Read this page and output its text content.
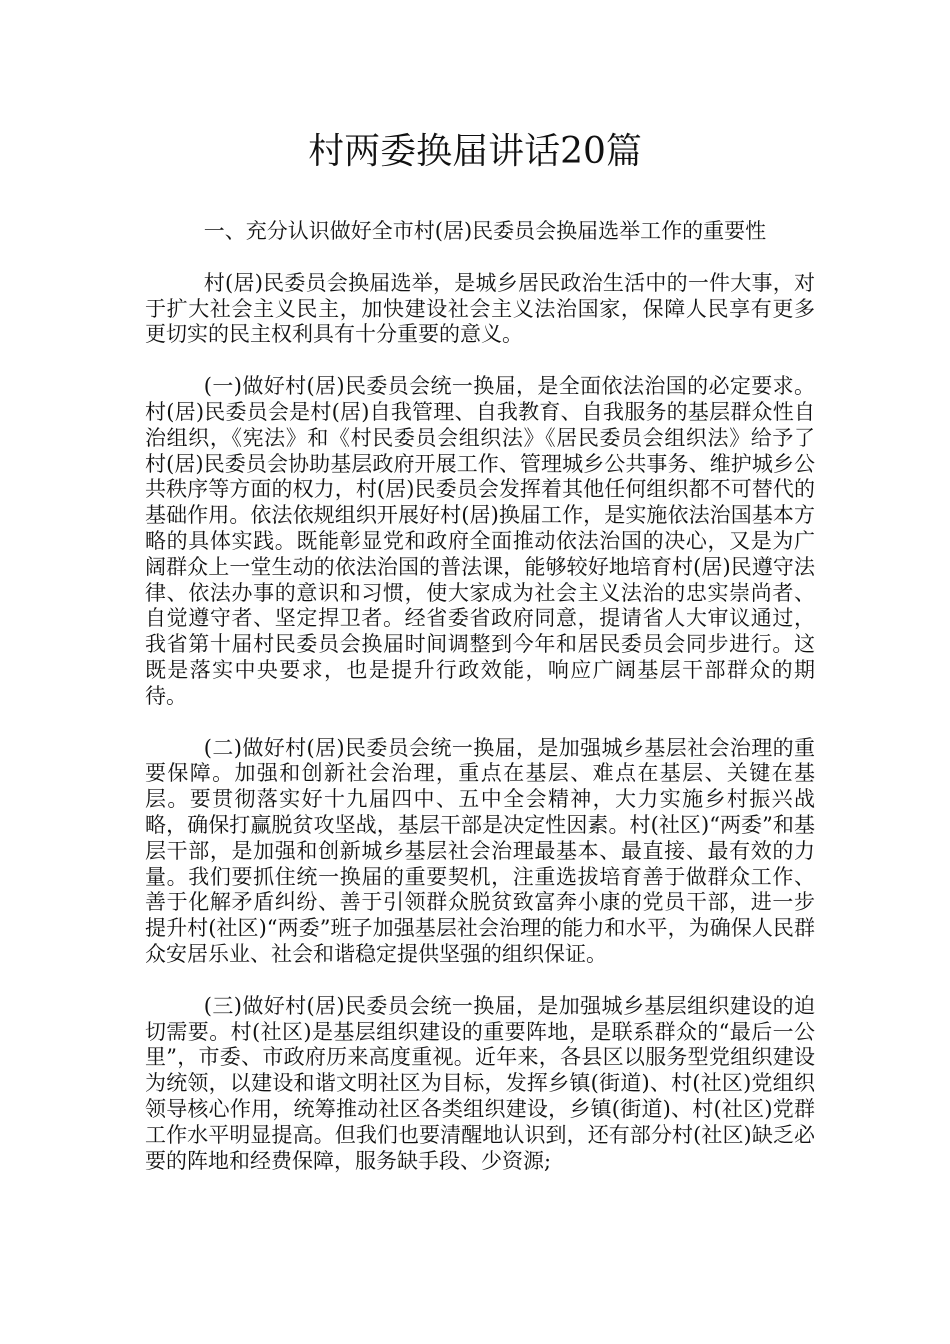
村两委换届讲话20篇

一、充分认识做好全市村(居)民委员会换届选举工作的重要性

村(居)民委员会换届选举，是城乡居民政治生活中的一件大事，对于扩大社会主义民主，加快建设社会主义法治国家，保障人民享有更多更切实的民主权利具有十分重要的意义。

(一)做好村(居)民委员会统一换届，是全面依法治国的必定要求。村(居)民委员会是村(居)自我管理、自我教育、自我服务的基层群众性自治组织，《宪法》和《村民委员会组织法》《居民委员会组织法》给予了村(居)民委员会协助基层政府开展工作、管理城乡公共事务、维护城乡公共秩序等方面的权力，村(居)民委员会发挥着其他任何组织都不可替代的基础作用。依法依规组织开展好村(居)换届工作，是实施依法治国基本方略的具体实践。既能彰显党和政府全面推动依法治国的决心，又是为广阔群众上一堂生动的依法治国的普法课，能够较好地培育村(居)民遵守法律、依法办事的意识和习惯，使大家成为社会主义法治的忠实崇尚者、自觉遵守者、坚定捍卫者。经省委省政府同意，提请省人大审议通过，我省第十届村民委员会换届时间调整到今年和居民委员会同步进行。这既是落实中央要求，也是提升行政效能，响应广阔基层干部群众的期待。

(二)做好村(居)民委员会统一换届，是加强城乡基层社会治理的重要保障。加强和创新社会治理，重点在基层、难点在基层、关键在基层。要贯彻落实好十九届四中、五中全会精神，大力实施乡村振兴战略，确保打赢脱贫攻坚战，基层干部是决定性因素。村(社区)“两委”和基层干部，是加强和创新城乡基层社会治理最基本、最直接、最有效的力量。我们要抓住统一换届的重要契机，注重选拔培育善于做群众工作、善于化解矛盾纠纷、善于引领群众脱贫致富奔小康的党员干部，进一步提升村(社区)“两委”班子加强基层社会治理的能力和水平，为确保人民群众安居乐业、社会和谐稳定提供坚强的组织保证。

(三)做好村(居)民委员会统一换届，是加强城乡基层组织建设的迫切需要。村(社区)是基层组织建设的重要阵地，是联系群众的“最后一公里”，市委、市政府历来高度重视。近年来，各县区以服务型党组织建设为统领，以建设和谐文明社区为目标，发挥乡镇(街道)、村(社区)党组织领导核心作用，统筹推动社区各类组织建设，乡镇(街道)、村(社区)党群工作水平明显提高。但我们也要清醒地认识到，还有部分村(社区)缺乏必要的阵地和经费保障，服务缺手段、少资源;
